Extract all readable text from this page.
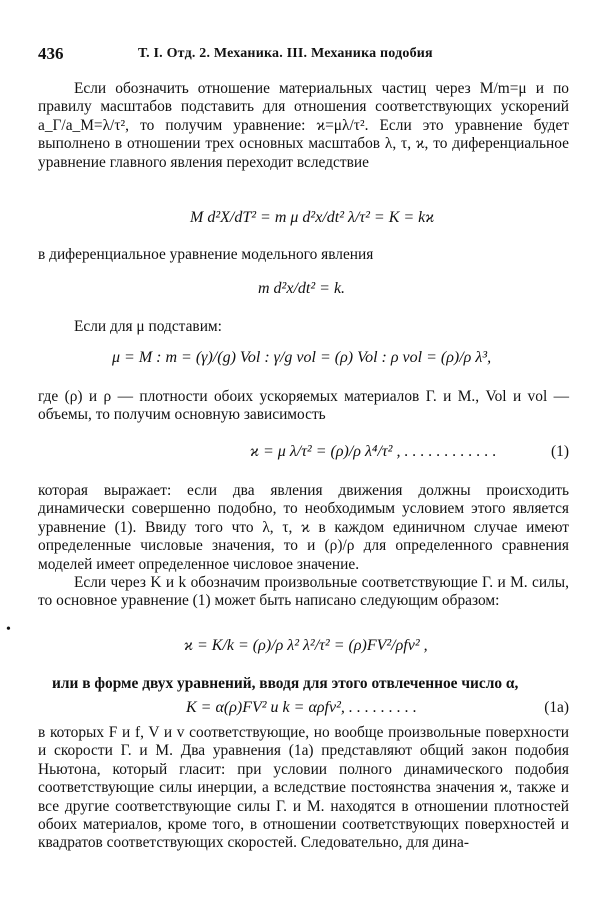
436	Т. I. Отд. 2. Механика. III. Механика подобия
Если обозначить отношение материальных частиц через M/m=μ и по правилу масштабов подставить для отношения соответствующих ускорений a_Г/a_M=λ/τ², то получим уравнение: ϰ=μλ/τ². Если это уравнение будет выполнено в отношении трех основных масштабов λ, τ, ϰ, то диференциальное уравнение главного явления переходит вследствие
M d²X/dT² = m μ d²x/dt² λ/τ² = K = kϰ
в диференциальное уравнение модельного явления
m d²x/dt² = k.
Если для μ подставим:
μ = M : m = (γ)/(g) Vol : γ/g vol = (ρ) Vol : ρ vol = (ρ)/ρ λ³,
где (ρ) и ρ — плотности обоих ускоряемых материалов Г. и М., Vol и vol — объемы, то получим основную зависимость
ϰ = μ λ/τ² = (ρ)/ρ λ⁴/τ² , . . . . . . . . . . . .	(1)
которая выражает: если два явления движения должны происходить динамически совершенно подобно, то необходимым условием этого являетcя уравнение (1). Ввиду того что λ, τ, ϰ в каждом единичном случае имеют определенные числовые значения, то и (ρ)/ρ для определенного сравнения моделей имеет определенное числовое значение.
Если через K и k обозначим произвольные соответствующие Г. и М. силы, то основное уравнение (1) может быть написано следующим образом:
•
ϰ = K/k = (ρ)/ρ λ² λ²/τ² = (ρ)FV²/ρfv² ,
или в форме двух уравнений, вводя для этого отвлеченное число α,
K = α(ρ)FV² и k = αρfv², . . . . . . . . .	(1a)
в которых F и f, V и v соответствующие, но вообще произвольные поверхности и скорости Г. и М. Два уравнения (1a) представляют общий закон подобия Ньютона, который гласит: при условии полного динамического подобия соответствующие силы инерции, а вследствие постоянства значения ϰ, также и все другие соответствующие силы Г. и М. находятся в отношении плотностей обоих материалов, кроме того, в отношении соответствующих поверхностей и квадратов соответствующих скоростей. Следовательно, для дина-
